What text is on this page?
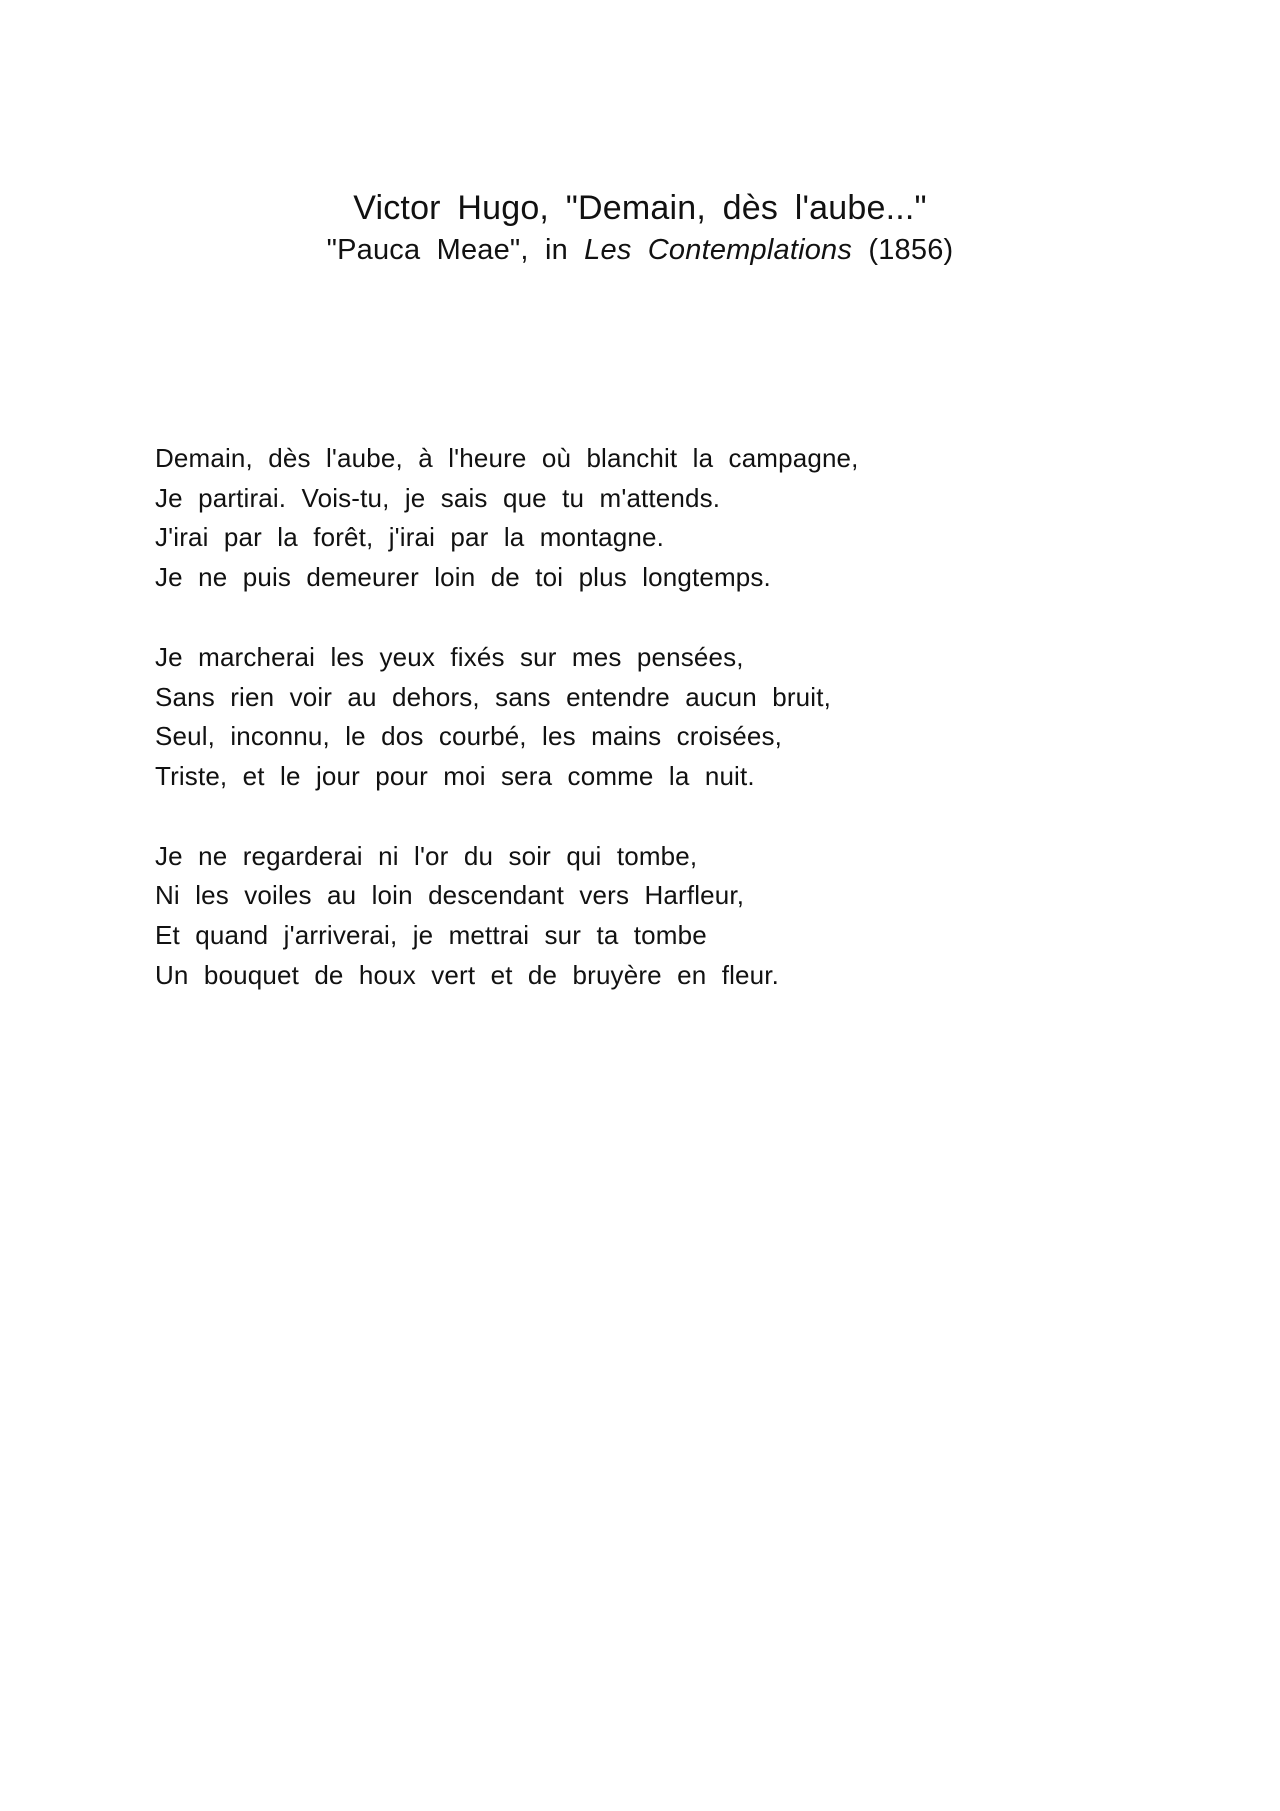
Victor Hugo, "Demain, dès l'aube..."

"Pauca Meae", in Les Contemplations (1856)

Demain, dès l'aube, à l'heure où blanchit la campagne,
Je partirai. Vois-tu, je sais que tu m'attends.
J'irai par la forêt, j'irai par la montagne.
Je ne puis demeurer loin de toi plus longtemps.
Je marcherai les yeux fixés sur mes pensées,
Sans rien voir au dehors, sans entendre aucun bruit,
Seul, inconnu, le dos courbé, les mains croisées,
Triste, et le jour pour moi sera comme la nuit.
Je ne regarderai ni l'or du soir qui tombe,
Ni les voiles au loin descendant vers Harfleur,
Et quand j'arriverai, je mettrai sur ta tombe
Un bouquet de houx vert et de bruyère en fleur.
